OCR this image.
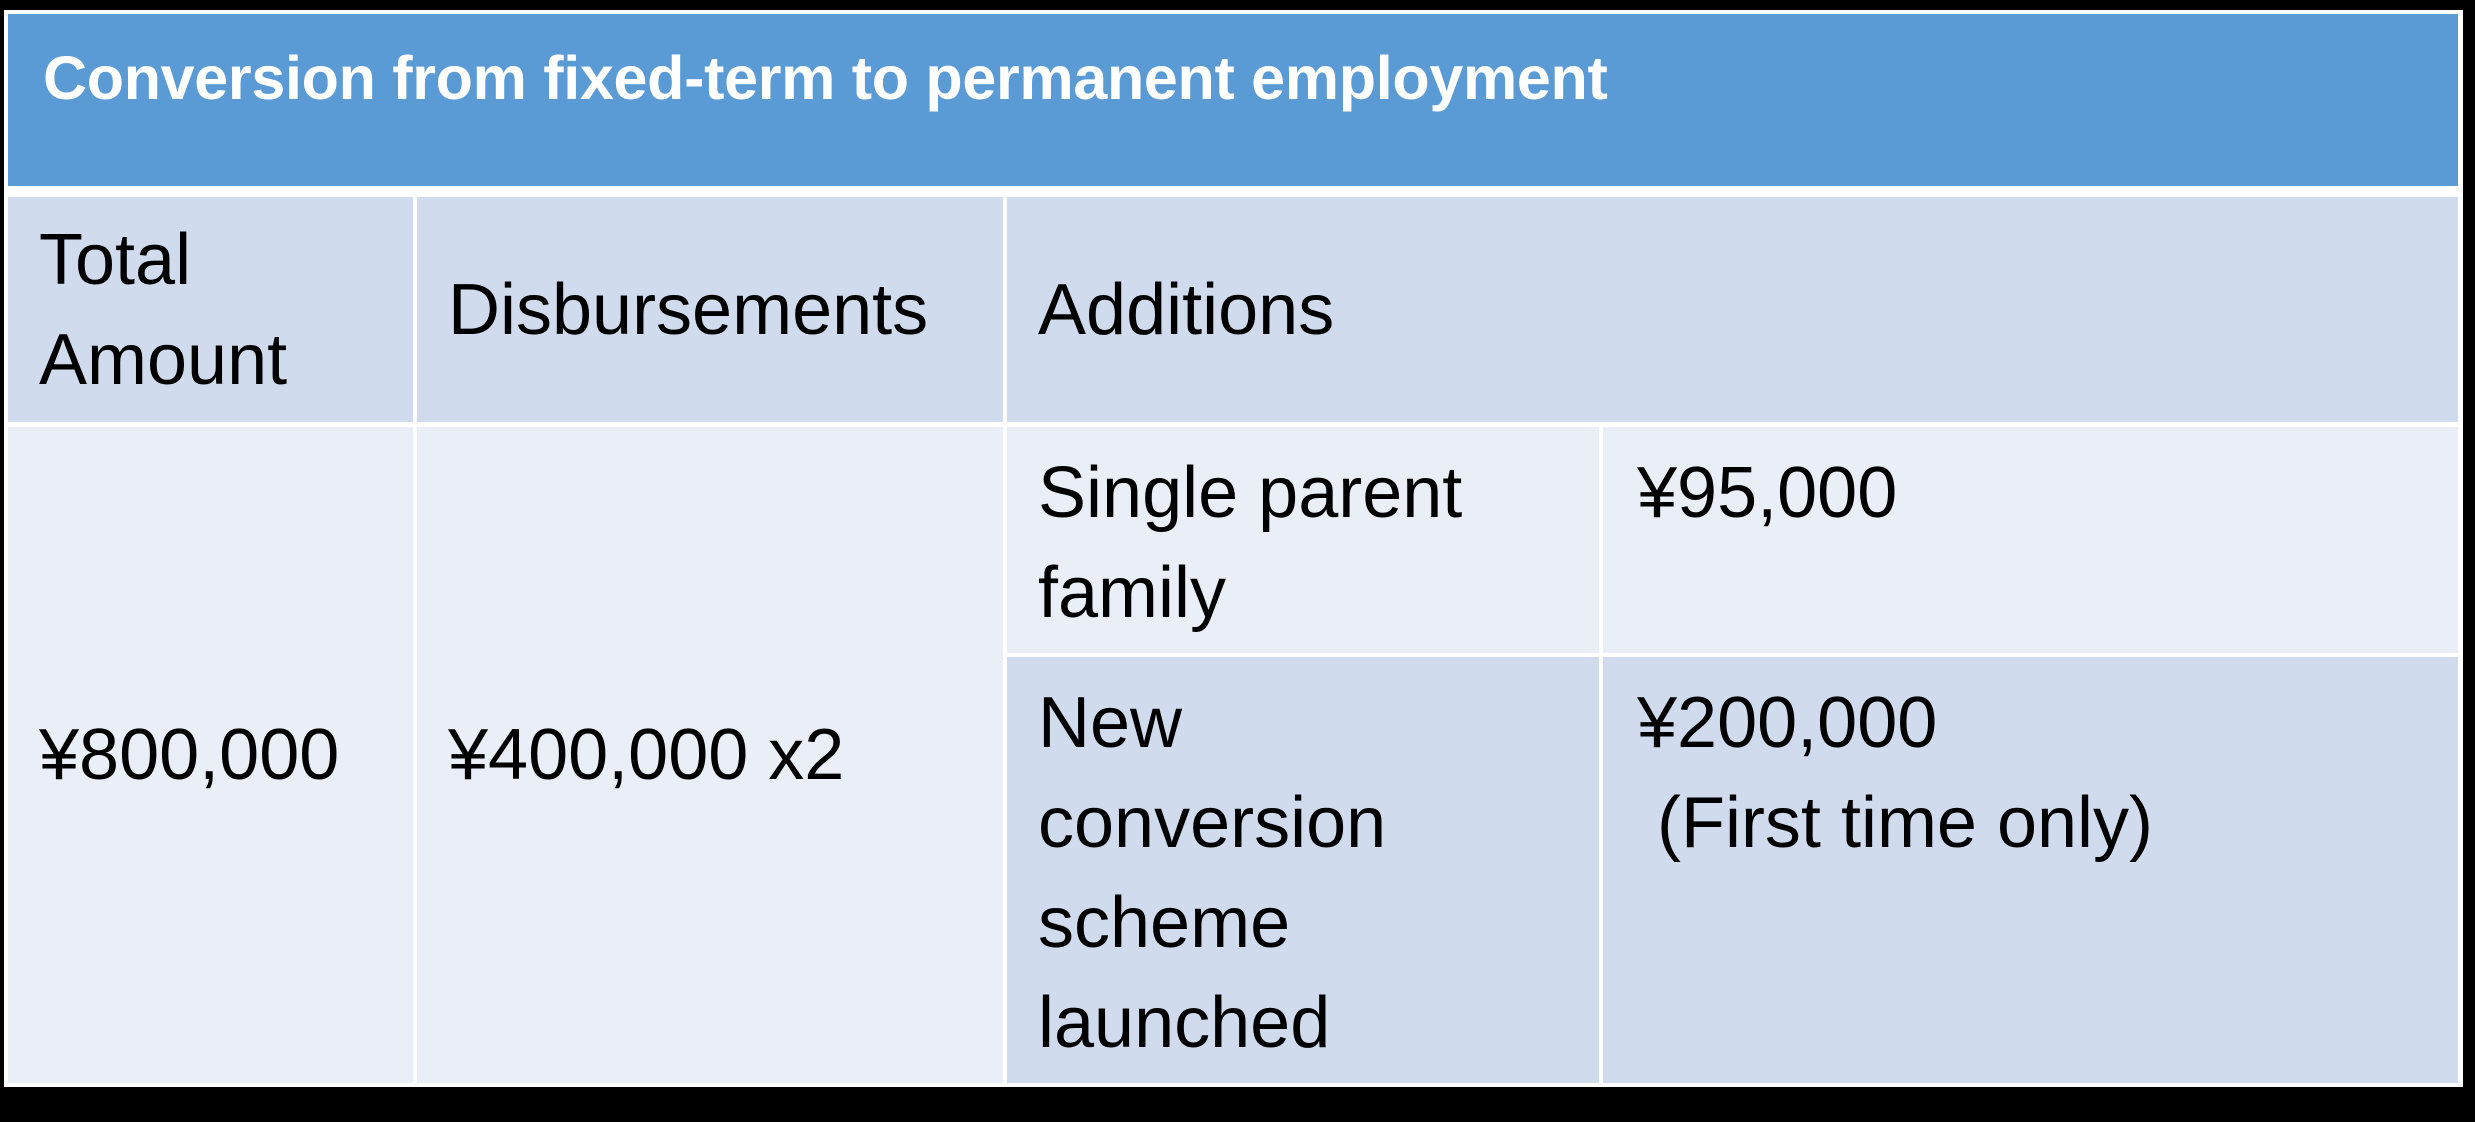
Conversion from fixed-term to permanent employment
Total
Amount
Disbursements Additions
¥800,000 ¥400,000 x2
Single parent
family
¥95,000
New
conversion
scheme
launched
¥200,000
(First time only)
